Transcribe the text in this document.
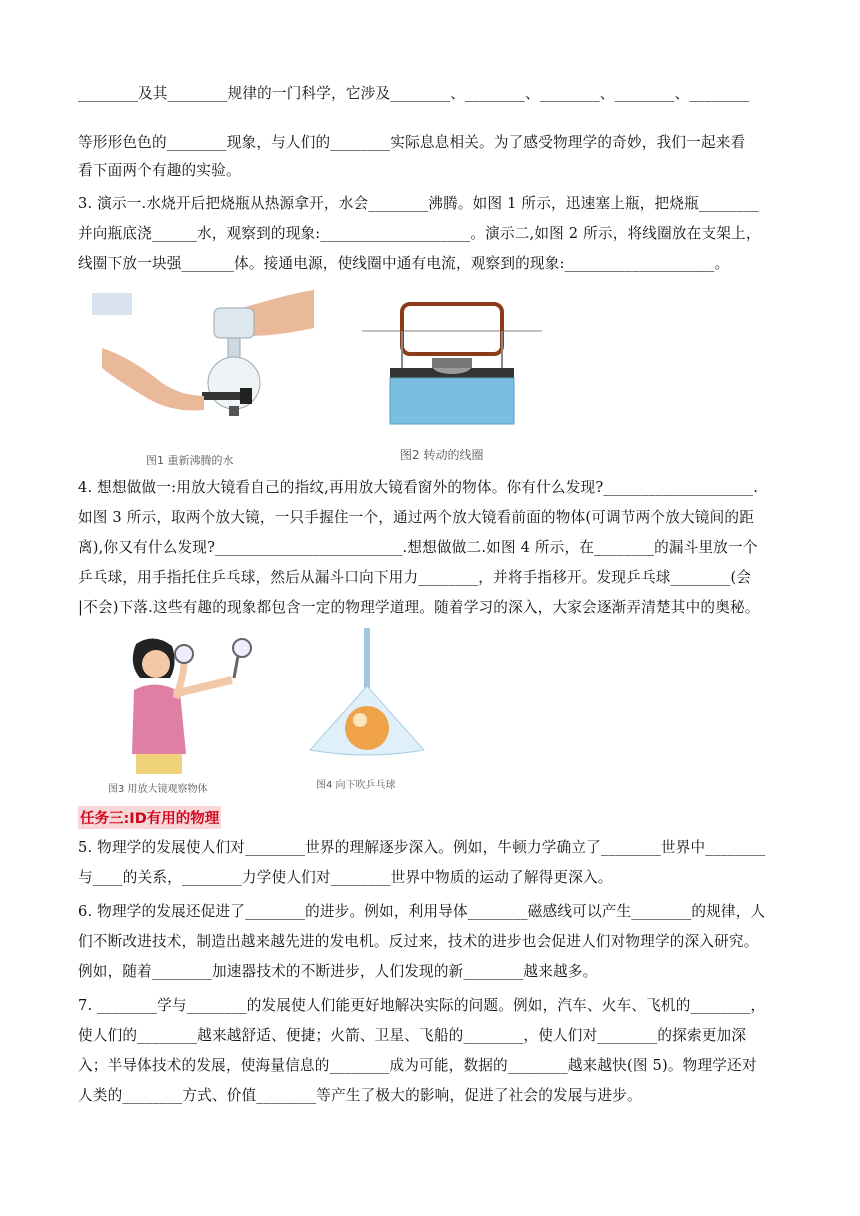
________及其________规律的一门科学，它涉及________、________、________、________、________
等形形色色的________现象，与人们的________实际息息相关。为了感受物理学的奇妙，我们一起来看
看下面两个有趣的实验。
3. 演示一.水烧开后把烧瓶从热源拿开，水会________沸腾。如图 1 所示，迅速塞上瓶，把烧瓶________
并向瓶底浇______水，观察到的现象:____________________。演示二,如图 2 所示，将线圈放在支架上，
线圈下放一块强_______体。接通电源，使线圈中通有电流，观察到的现象:____________________。
图1 重新沸腾的水	图2 转动的线圈
4. 想想做做一:用放大镜看自己的指纹,再用放大镜看窗外的物体。你有什么发现?____________________.
如图 3 所示，取两个放大镜，一只手握住一个，通过两个放大镜看前面的物体(可调节两个放大镜间的距
离),你又有什么发现?_________________________.想想做做二.如图 4 所示，在________的漏斗里放一个
乒乓球，用手指托住乒乓球，然后从漏斗口向下用力________，并将手指移开。发现乒乓球________(会
|不会)下落.这些有趣的现象都包含一定的物理学道理。随着学习的深入，大家会逐渐弄清楚其中的奥秘。
图3 用放大镜观察物体	图4 向下吹乒乓球
任务三:ID有用的物理
5. 物理学的发展使人们对________世界的理解逐步深入。例如，牛顿力学确立了________世界中________
与____的关系，________力学使人们对________世界中物质的运动了解得更深入。
6. 物理学的发展还促进了________的进步。例如，利用导体________磁感线可以产生________的规律，人
们不断改进技术，制造出越来越先进的发电机。反过来，技术的进步也会促进人们对物理学的深入研究。
例如，随着________加速器技术的不断进步，人们发现的新________越来越多。
7. ________学与________的发展使人们能更好地解决实际的问题。例如，汽车、火车、飞机的________，
使人们的________越来越舒适、便捷；火箭、卫星、飞船的________，使人们对________的探索更加深
入；半导体技术的发展，使海量信息的________成为可能，数据的________越来越快(图 5)。物理学还对
人类的________方式、价值________等产生了极大的影响，促进了社会的发展与进步。
